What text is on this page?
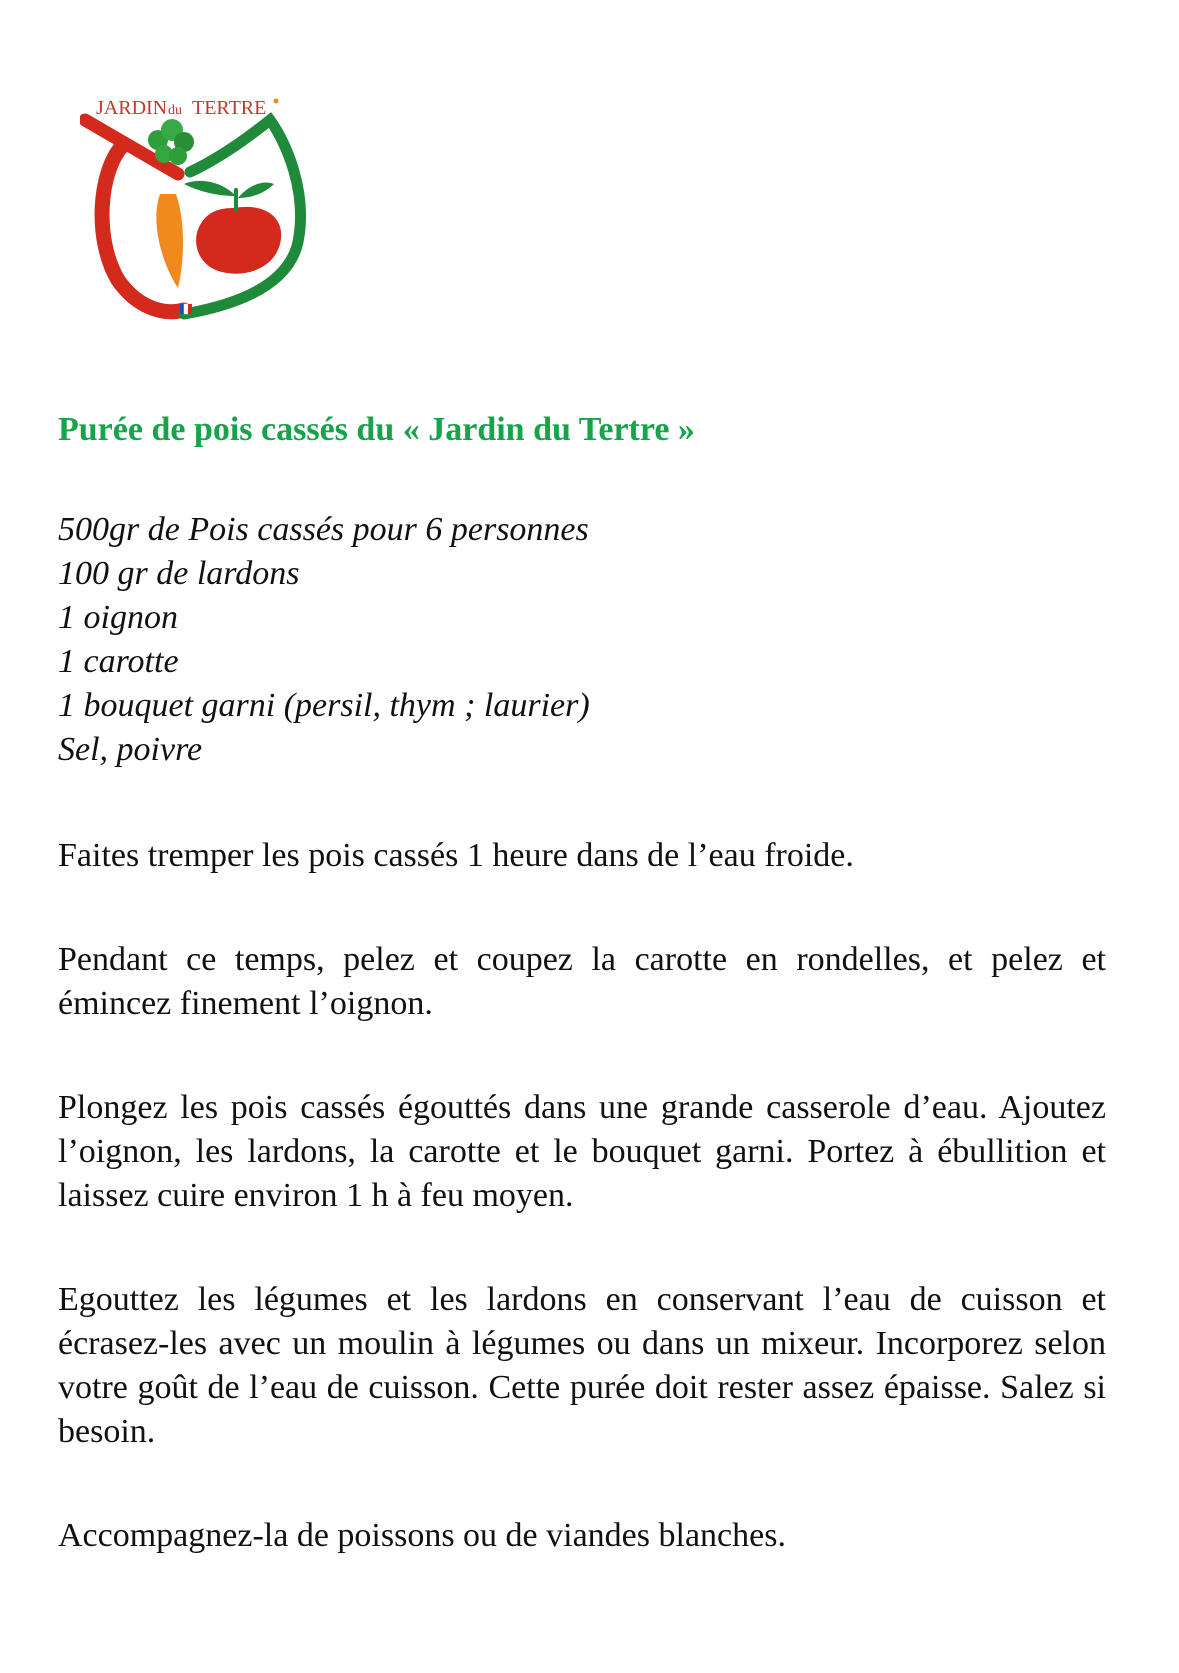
JARDIN du TERTRE
Purée de pois cassés du « Jardin du Tertre »
500gr de Pois cassés pour 6 personnes
100 gr de lardons
1 oignon
1 carotte
1 bouquet garni (persil, thym ; laurier)
Sel, poivre

Faites tremper les pois cassés 1 heure dans de l’eau froide.

Pendant ce temps, pelez et coupez la carotte en rondelles, et pelez et émincez finement l’oignon.

Plongez les pois cassés égouttés dans une grande casserole d’eau. Ajoutez l’oignon, les lardons, la carotte et le bouquet garni. Portez à ébullition et laissez cuire environ 1 h à feu moyen.

Egouttez les légumes et les lardons en conservant l’eau de cuisson et écrasez-les avec un moulin à légumes ou dans un mixeur. Incorporez selon votre goût de l’eau de cuisson. Cette purée doit rester assez épaisse. Salez si besoin.

Accompagnez-la de poissons ou de viandes blanches.
